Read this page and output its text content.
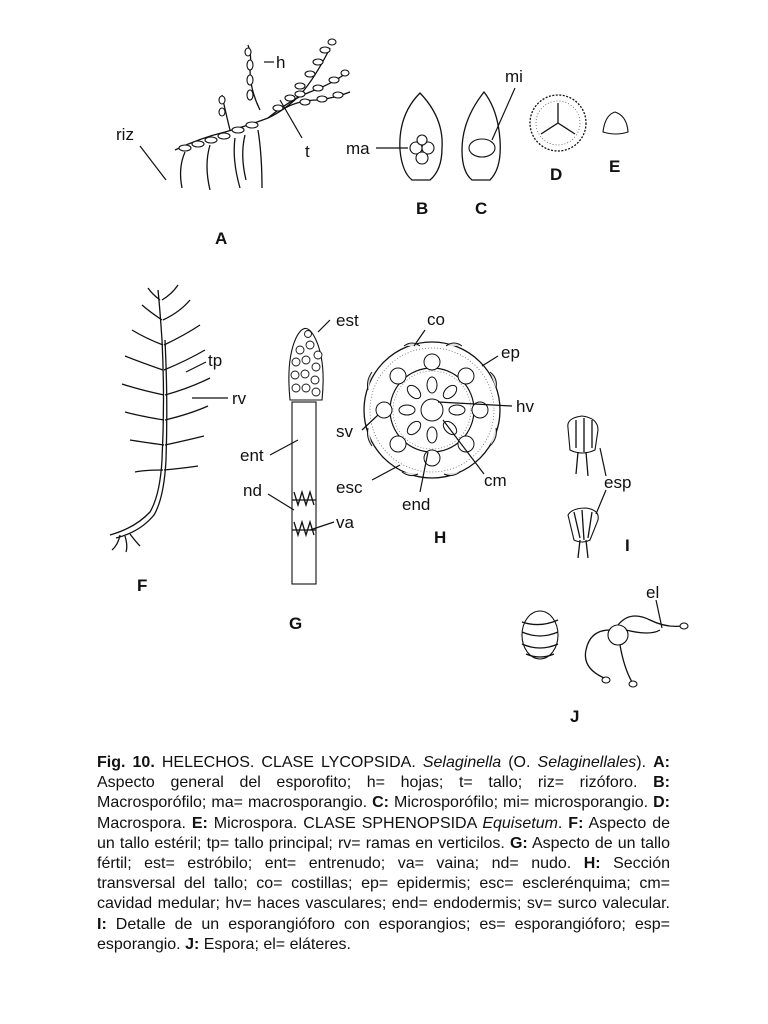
h
t
riz
A
ma
B
mi
C
D	E
tp
rv
F
est
ent
nd
va
G
co
ep
hv
sv
cm
esc
end
H
esp
I
el
J
Fig. 10. HELECHOS. CLASE LYCOPSIDA. Selaginella (O. Selaginellales). A: Aspecto general del esporofito; h= hojas; t= tallo; riz= rizóforo. B: Macrosporófilo; ma= macrosporangio. C: Microsporófilo; mi= microsporangio. D: Macrospora. E: Microspora. CLASE SPHENOPSIDA Equisetum. F: Aspecto de un tallo estéril; tp= tallo principal; rv= ramas en verticilos. G: Aspecto de un tallo fértil; est= estróbilo; ent= entrenudo; va= vaina; nd= nudo. H: Sección transversal del tallo; co= costillas; ep= epidermis; esc= esclerénquima; cm= cavidad medular; hv= haces vasculares; end= endodermis; sv= surco valecular. I: Detalle de un esporangióforo con esporangios; es= esporangióforo; esp= esporangio. J: Espora; el= eláteres.
